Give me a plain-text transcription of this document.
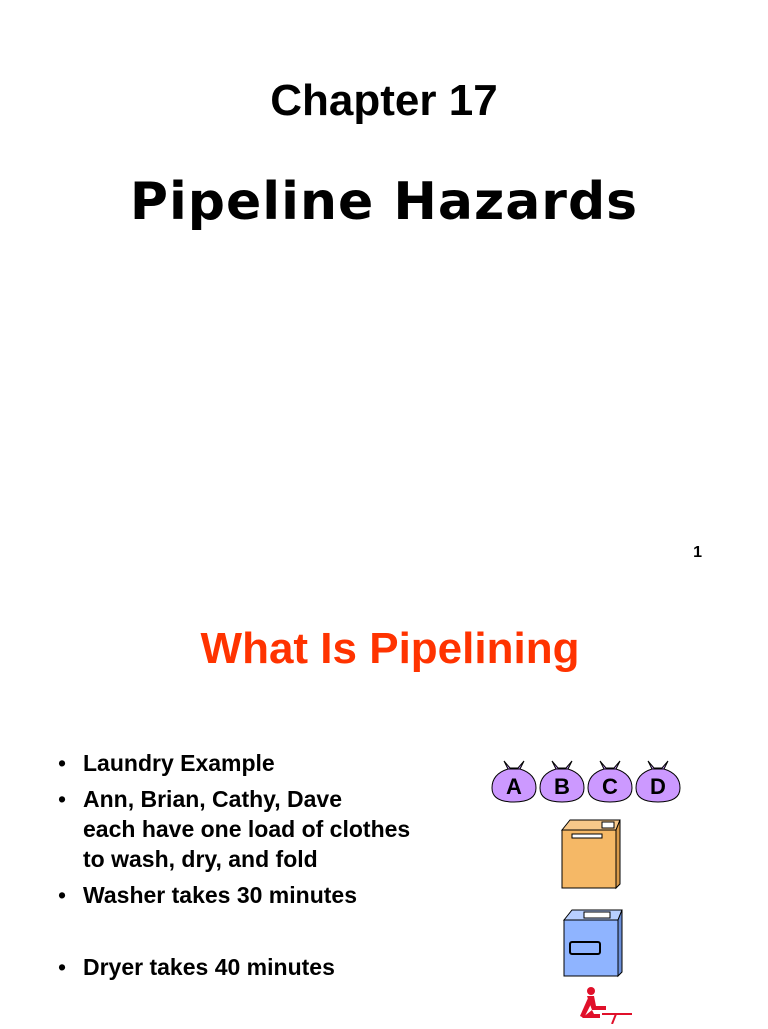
Chapter 17
Pipeline Hazards
1
What Is Pipelining
• Laundry Example
• Ann, Brian, Cathy, Dave
each have one load of clothes
to wash, dry, and fold
• Washer takes 30 minutes
• Dryer takes 40 minutes
A	B	C	D
